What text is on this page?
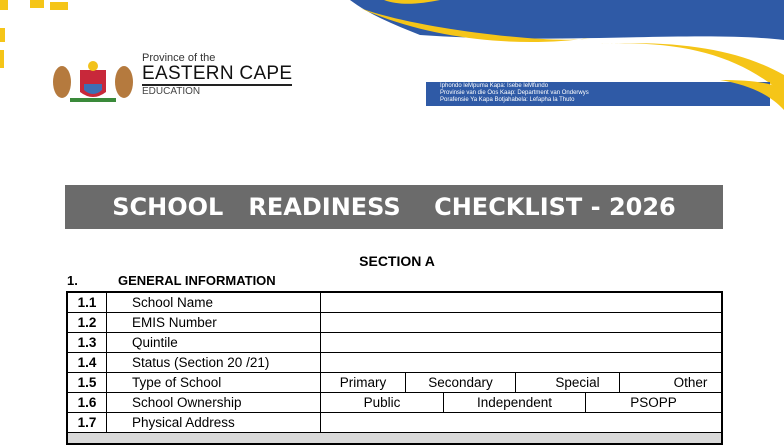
Province of the
EASTERN CAPE
EDUCATION	Iphondo leMpuma Kapa: Isebe leMfundo
Provinsie van die Oos Kaap: Department van Onderwys
Porafensie Ya Kapa Botjahabela: Lefapha la Thuto
SCHOOL   READINESS    CHECKLIST - 2026
SECTION A
1.	GENERAL INFORMATION
1.1	School Name	
1.2	EMIS Number	
1.3	Quintile	
1.4	Status (Section 20 /21)	
1.5	Type of School	Primary Secondary Special Other

1.6	School Ownership	Public Independent PSOPP

1.7	Physical Address	
